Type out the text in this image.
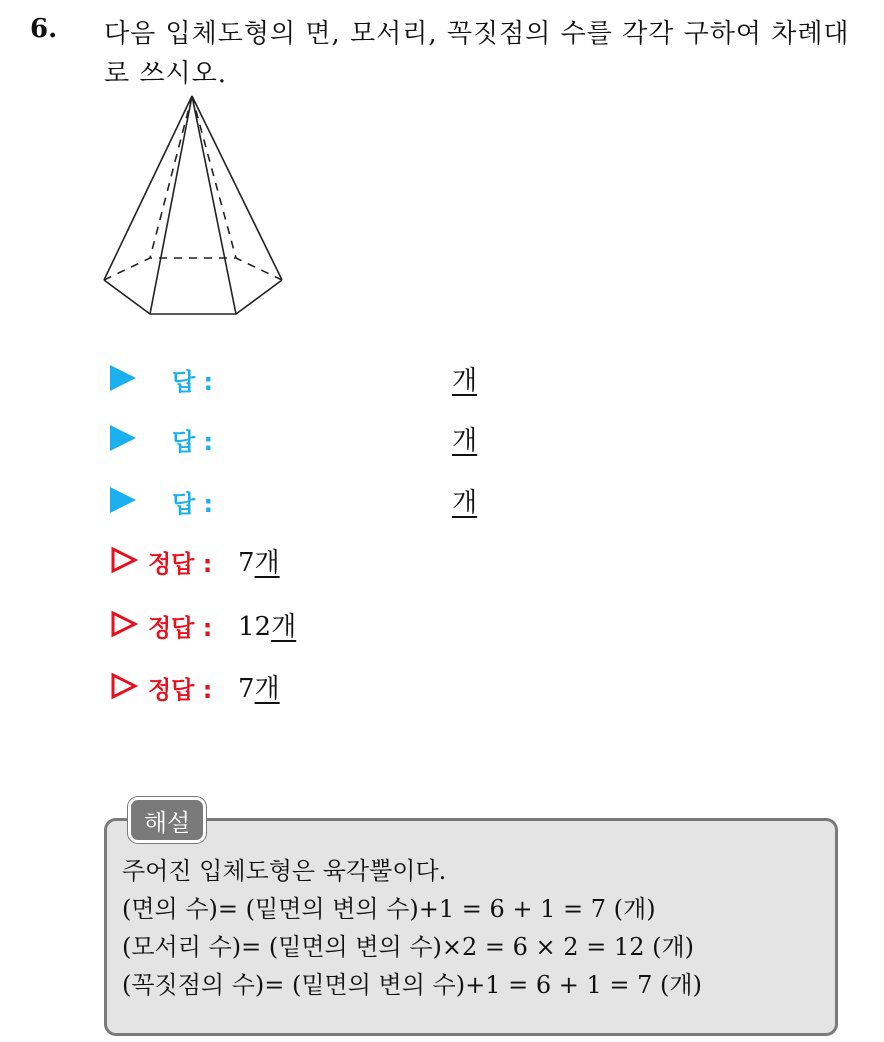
6. 다음 입체도형의 면, 모서리, 꼭짓점의 수를 각각 구하여 차례대로 쓰시오.
답 :	개
답 :	개
답 :	개
정답 : 7개
정답 : 12개
정답 : 7개
해설
주어진 입체도형은 육각뿔이다.
(면의 수)= (밑면의 변의 수)+1 = 6 + 1 = 7 (개)
(모서리 수)= (밑면의 변의 수)×2 = 6 × 2 = 12 (개)
(꼭짓점의 수)= (밑면의 변의 수)+1 = 6 + 1 = 7 (개)
